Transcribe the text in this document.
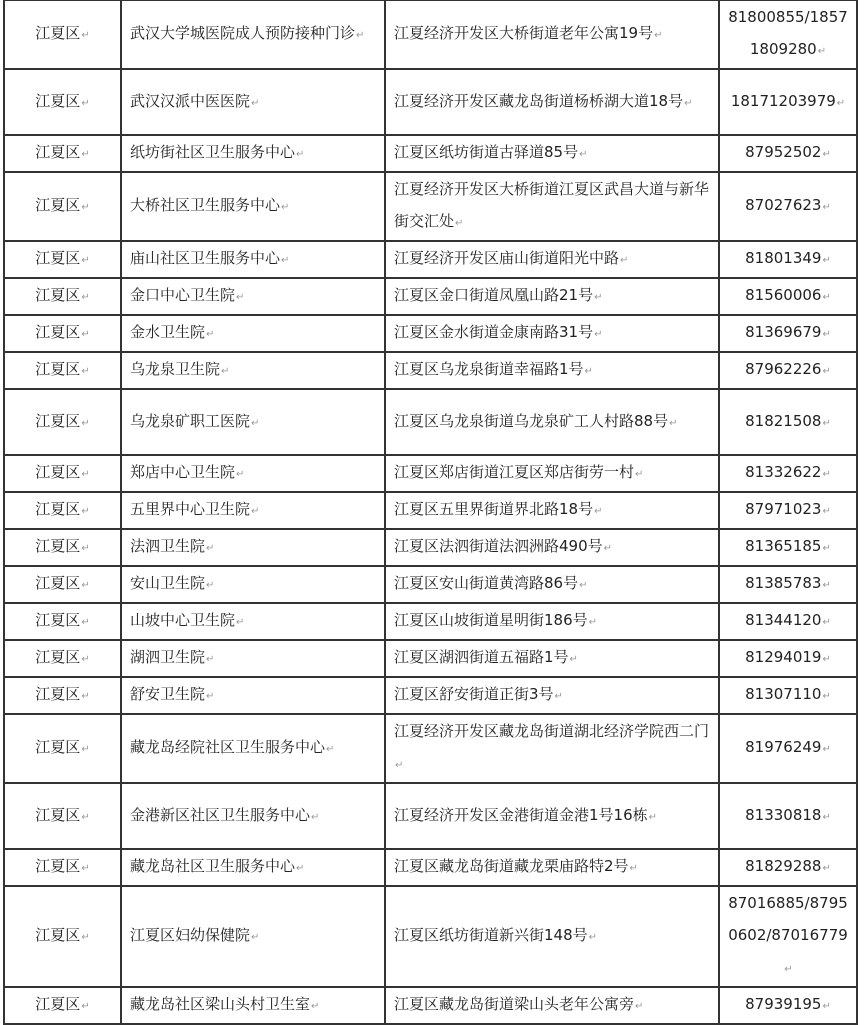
江夏区↵	武汉大学城医院成人预防接种门诊↵	江夏经济开发区大桥街道老年公寓19号↵	81800855/18571809280↵
江夏区↵	武汉汉派中医医院↵	江夏经济开发区藏龙岛街道杨桥湖大道18号↵	18171203979↵
江夏区↵	纸坊街社区卫生服务中心↵	江夏区纸坊街道古驿道85号↵	87952502↵
江夏区↵	大桥社区卫生服务中心↵	江夏经济开发区大桥街道江夏区武昌大道与新华街交汇处↵	87027623↵
江夏区↵	庙山社区卫生服务中心↵	江夏经济开发区庙山街道阳光中路↵	81801349↵
江夏区↵	金口中心卫生院↵	江夏区金口街道凤凰山路21号↵	81560006↵
江夏区↵	金水卫生院↵	江夏区金水街道金康南路31号↵	81369679↵
江夏区↵	乌龙泉卫生院↵	江夏区乌龙泉街道幸福路1号↵	87962226↵
江夏区↵	乌龙泉矿职工医院↵	江夏区乌龙泉街道乌龙泉矿工人村路88号↵	81821508↵
江夏区↵	郑店中心卫生院↵	江夏区郑店街道江夏区郑店街劳一村↵	81332622↵
江夏区↵	五里界中心卫生院↵	江夏区五里界街道界北路18号↵	87971023↵
江夏区↵	法泗卫生院↵	江夏区法泗街道法泗洲路490号↵	81365185↵
江夏区↵	安山卫生院↵	江夏区安山街道黄湾路86号↵	81385783↵
江夏区↵	山坡中心卫生院↵	江夏区山坡街道星明街186号↵	81344120↵
江夏区↵	湖泗卫生院↵	江夏区湖泗街道五福路1号↵	81294019↵
江夏区↵	舒安卫生院↵	江夏区舒安街道正街3号↵	81307110↵
江夏区↵	藏龙岛经院社区卫生服务中心↵	江夏经济开发区藏龙岛街道湖北经济学院西二门↵	81976249↵
江夏区↵	金港新区社区卫生服务中心↵	江夏经济开发区金港街道金港1号16栋↵	81330818↵
江夏区↵	藏龙岛社区卫生服务中心↵	江夏区藏龙岛街道藏龙栗庙路特2号↵	81829288↵
江夏区↵	江夏区妇幼保健院↵	江夏区纸坊街道新兴街148号↵	87016885/87950602/87016779↵
江夏区↵	藏龙岛社区梁山头村卫生室↵	江夏区藏龙岛街道梁山头老年公寓旁↵	87939195↵
